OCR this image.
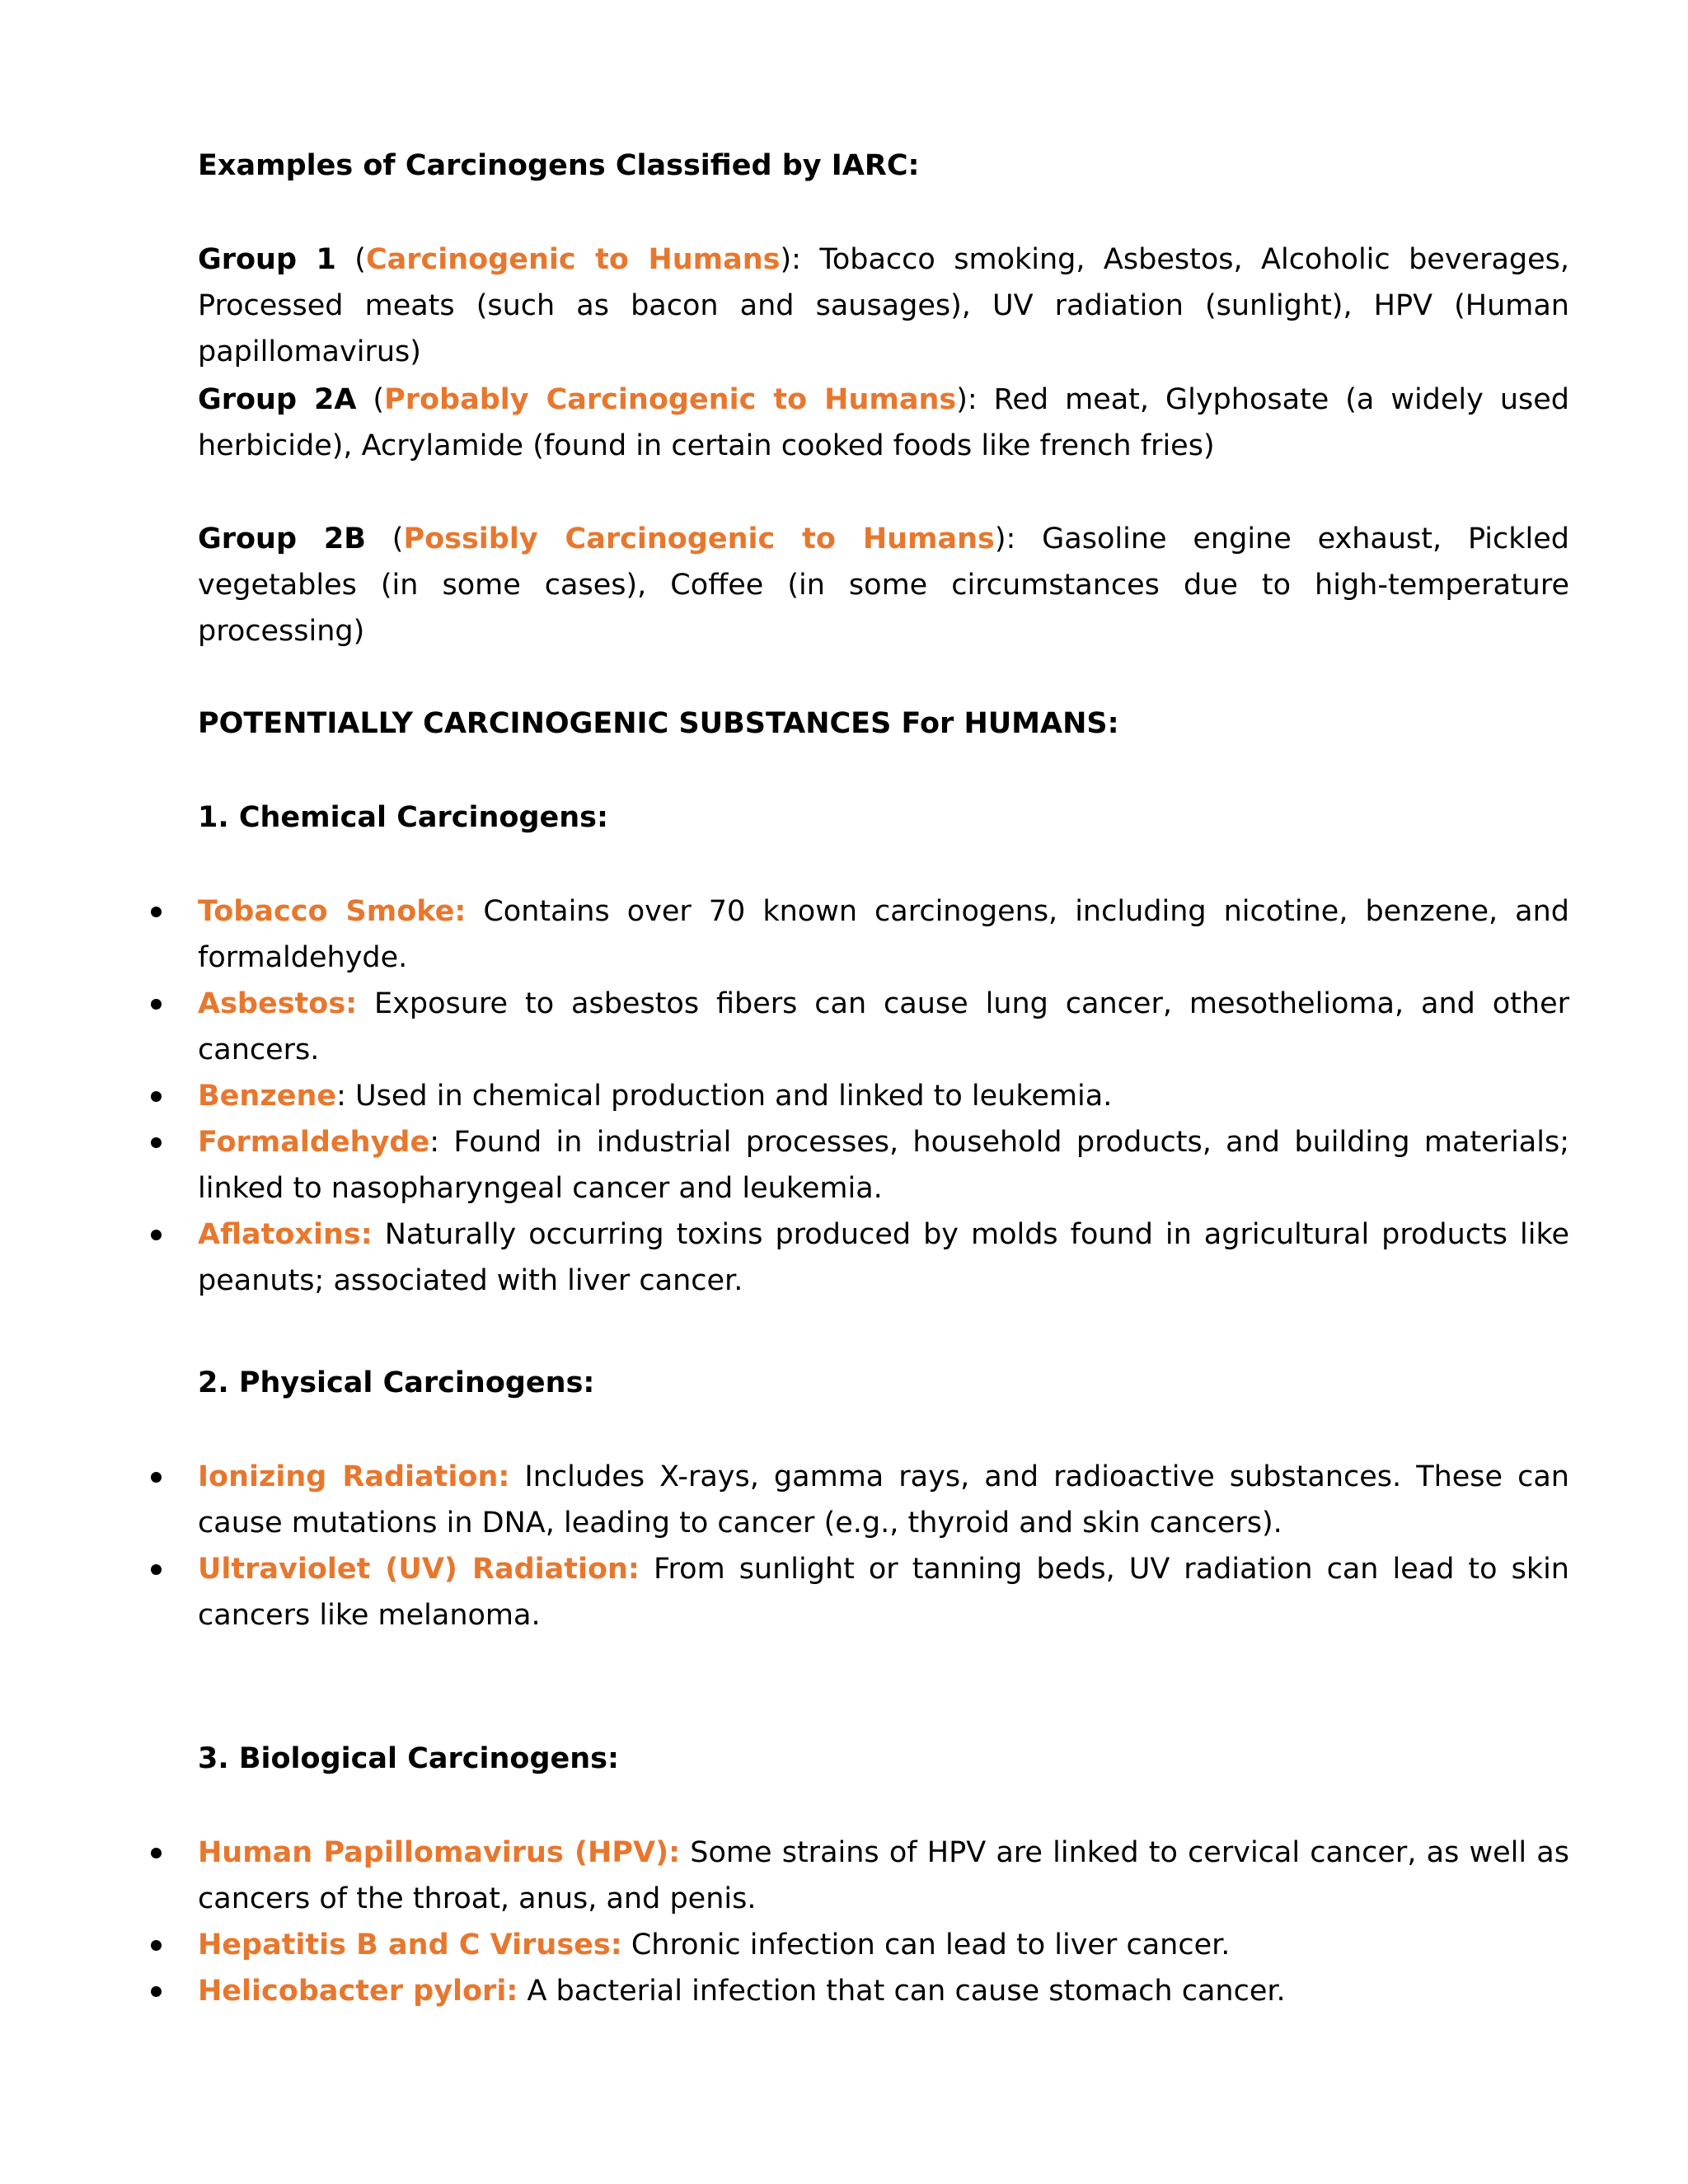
Examples of Carcinogens Classified by IARC:
Group 1 (Carcinogenic to Humans): Tobacco smoking, Asbestos, Alcoholic beverages, Processed meats (such as bacon and sausages), UV radiation (sunlight), HPV (Human papillomavirus)
Group 2A (Probably Carcinogenic to Humans): Red meat, Glyphosate (a widely used herbicide), Acrylamide (found in certain cooked foods like french fries)
Group 2B (Possibly Carcinogenic to Humans): Gasoline engine exhaust, Pickled vegetables (in some cases), Coffee (in some circumstances due to high-temperature processing)
POTENTIALLY CARCINOGENIC SUBSTANCES For HUMANS:
1. Chemical Carcinogens:
Tobacco Smoke: Contains over 70 known carcinogens, including nicotine, benzene, and formaldehyde.
Asbestos: Exposure to asbestos fibers can cause lung cancer, mesothelioma, and other cancers.
Benzene: Used in chemical production and linked to leukemia.
Formaldehyde: Found in industrial processes, household products, and building materials; linked to nasopharyngeal cancer and leukemia.
Aflatoxins: Naturally occurring toxins produced by molds found in agricultural products like peanuts; associated with liver cancer.
2. Physical Carcinogens:
Ionizing Radiation: Includes X-rays, gamma rays, and radioactive substances. These can cause mutations in DNA, leading to cancer (e.g., thyroid and skin cancers).
Ultraviolet (UV) Radiation: From sunlight or tanning beds, UV radiation can lead to skin cancers like melanoma.
3. Biological Carcinogens:
Human Papillomavirus (HPV): Some strains of HPV are linked to cervical cancer, as well as cancers of the throat, anus, and penis.
Hepatitis B and C Viruses: Chronic infection can lead to liver cancer.
Helicobacter pylori: A bacterial infection that can cause stomach cancer.
